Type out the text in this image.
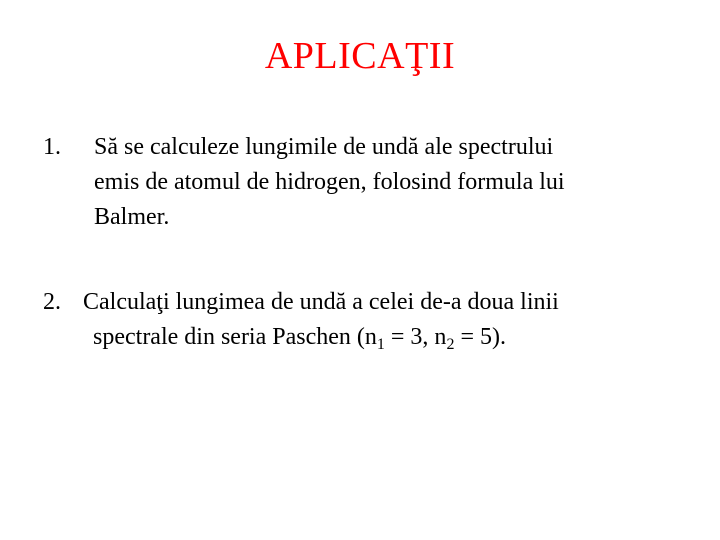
APLICAŢII
1. Să se calculeze lungimile de undă ale spectrului
emis de atomul de hidrogen, folosind formula lui
Balmer.
2. Calculaţi lungimea de undă a celei de-a doua linii
spectrale din seria Paschen ($n_1 = 3$, $n_2 = 5$).
